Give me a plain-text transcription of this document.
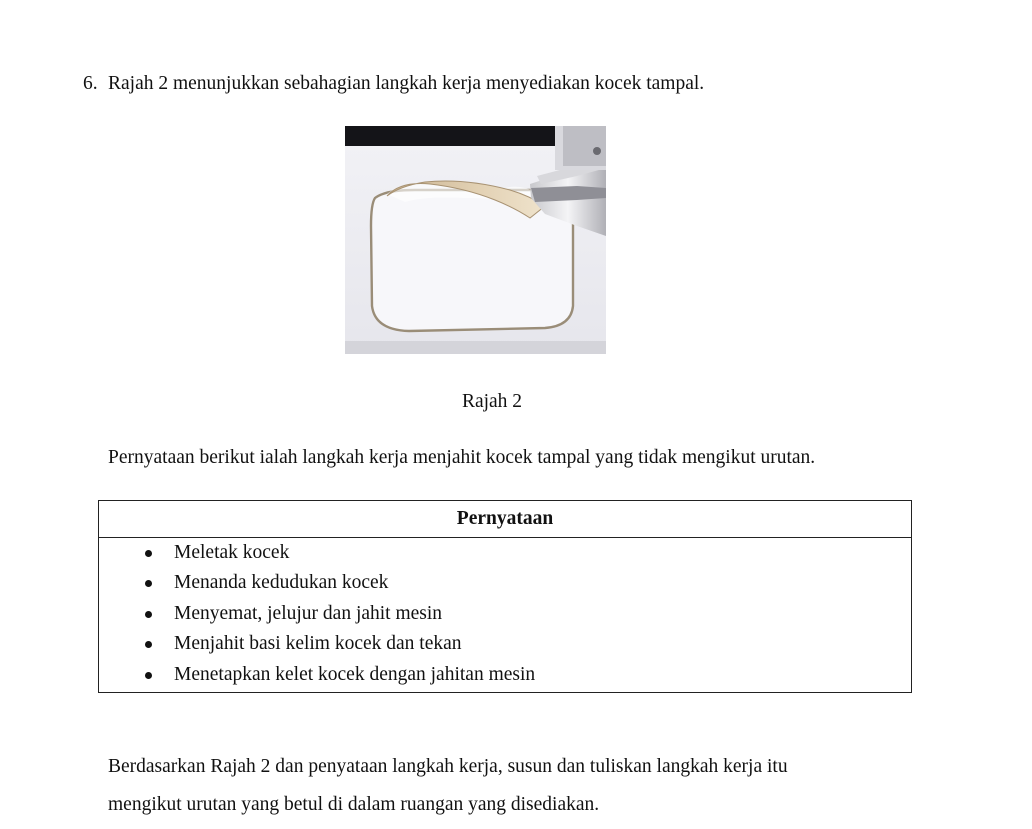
6. Rajah 2 menunjukkan sebahagian langkah kerja menyediakan kocek tampal.
Rajah 2
Pernyataan berikut ialah langkah kerja menjahit kocek tampal yang tidak mengikut urutan.
Pernyataan

Meletak kocek
Menanda kedudukan kocek
Menyemat, jelujur dan jahit mesin
Menjahit basi kelim kocek dan tekan
Menetapkan kelet kocek dengan jahitan mesin
Berdasarkan Rajah 2 dan penyataan langkah kerja, susun dan tuliskan langkah kerja itu
mengikut urutan yang betul di dalam ruangan yang disediakan.
